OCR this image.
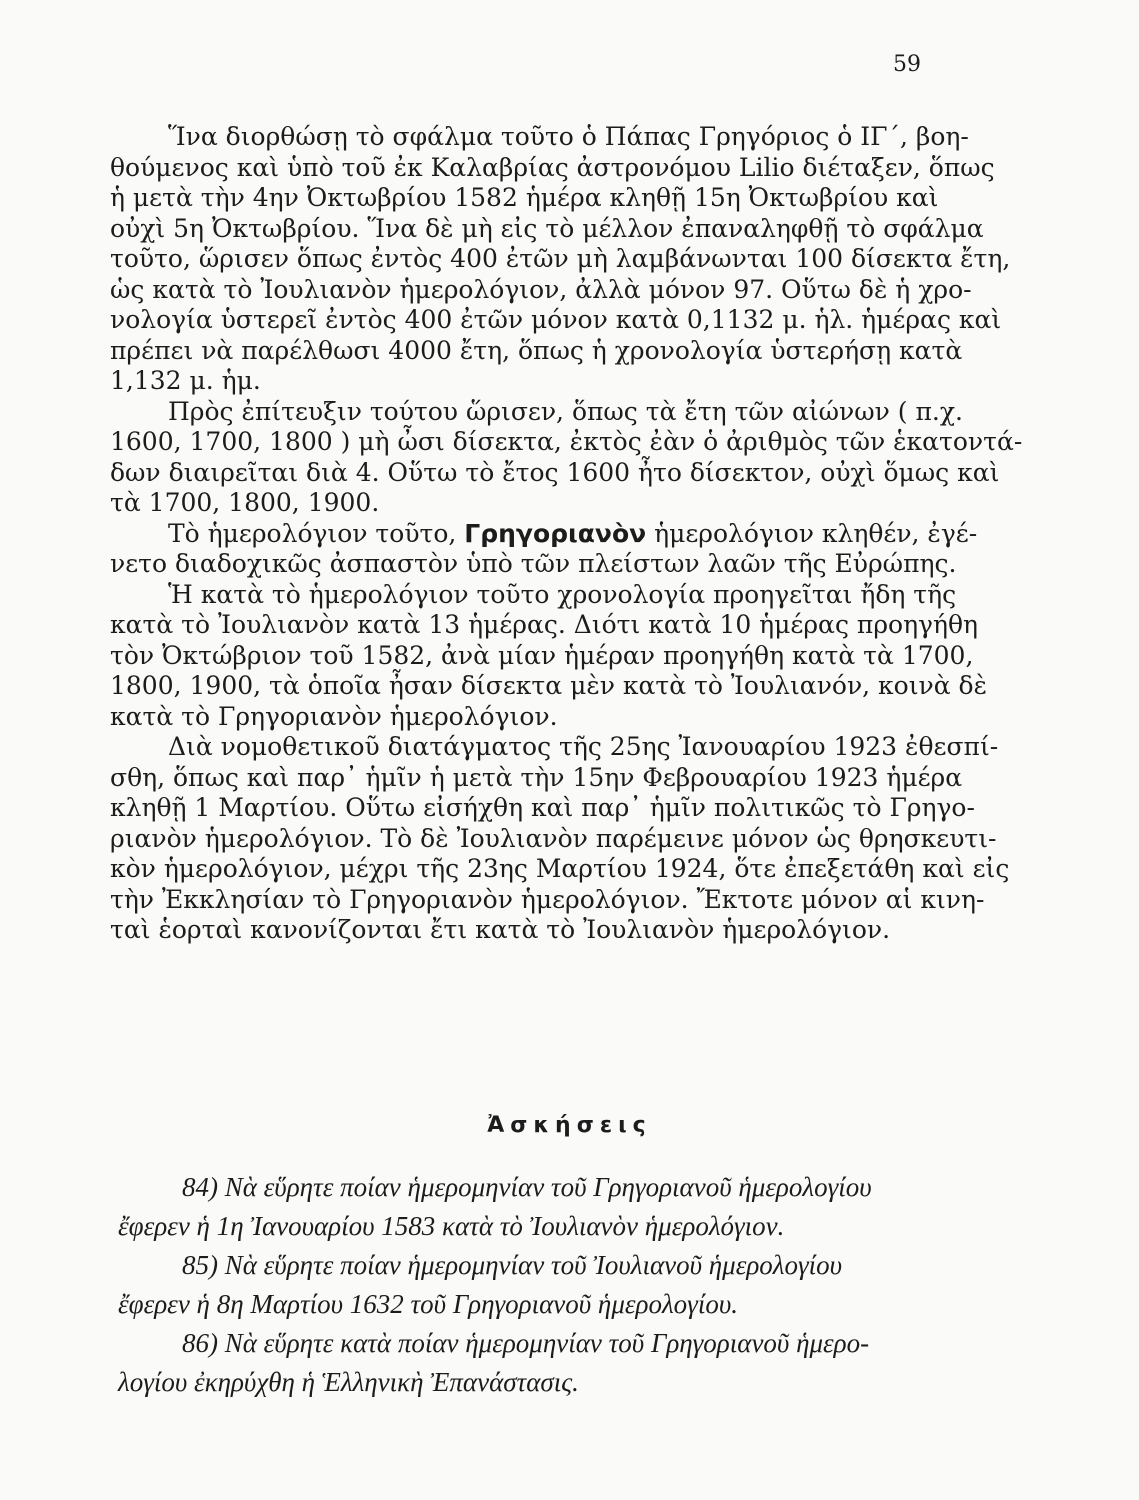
59
Ἵνα διορθώσῃ τὸ σφάλμα τοῦτο ὁ Πάπας Γρηγόριος ὁ ΙΓ΄, βοη-
θούμενος καὶ ὑπὸ τοῦ ἐκ Καλαβρίας ἀστρονόμου Lilio διέταξεν, ὅπως
ἡ μετὰ τὴν 4ην Ὀκτωβρίου 1582 ἡμέρα κληθῇ 15η Ὀκτωβρίου καὶ
οὐχὶ 5η Ὀκτωβρίου. Ἵνα δὲ μὴ εἰς τὸ μέλλον ἐπαναληφθῇ τὸ σφάλμα
τοῦτο, ὥρισεν ὅπως ἐντὸς 400 ἐτῶν μὴ λαμβάνωνται 100 δίσεκτα ἔτη,
ὡς κατὰ τὸ Ἰουλιανὸν ἡμερολόγιον, ἀλλὰ μόνον 97. Οὕτω δὲ ἡ χρο-
νολογία ὑστερεῖ ἐντὸς 400 ἐτῶν μόνον κατὰ 0,1132 μ. ἡλ. ἡμέρας καὶ
πρέπει νὰ παρέλθωσι 4000 ἔτη, ὅπως ἡ χρονολογία ὑστερήσῃ κατὰ
1,132 μ. ἡμ.
Πρὸς ἐπίτευξιν τούτου ὥρισεν, ὅπως τὰ ἔτη τῶν αἰώνων ( π.χ.
1600, 1700, 1800 ) μὴ ὦσι δίσεκτα, ἐκτὸς ἐὰν ὁ ἀριθμὸς τῶν ἑκατοντά-
δων διαιρεῖται διὰ 4. Οὕτω τὸ ἔτος 1600 ἦτο δίσεκτον, οὐχὶ ὅμως καὶ
τὰ 1700, 1800, 1900.
Τὸ ἡμερολόγιον τοῦτο, Γρηγοριανὸν ἡμερολόγιον κληθέν, ἐγέ-
νετο διαδοχικῶς ἀσπαστὸν ὑπὸ τῶν πλείστων λαῶν τῆς Εὐρώπης.
Ἡ κατὰ τὸ ἡμερολόγιον τοῦτο χρονολογία προηγεῖται ἤδη τῆς
κατὰ τὸ Ἰουλιανὸν κατὰ 13 ἡμέρας. Διότι κατὰ 10 ἡμέρας προηγήθη
τὸν Ὀκτώβριον τοῦ 1582, ἀνὰ μίαν ἡμέραν προηγήθη κατὰ τὰ 1700,
1800, 1900, τὰ ὁποῖα ἦσαν δίσεκτα μὲν κατὰ τὸ Ἰουλιανόν, κοινὰ δὲ
κατὰ τὸ Γρηγοριανὸν ἡμερολόγιον.
Διὰ νομοθετικοῦ διατάγματος τῆς 25ης Ἰανουαρίου 1923 ἐθεσπί-
σθη, ὅπως καὶ παρ᾽ ἡμῖν ἡ μετὰ τὴν 15ην Φεβρουαρίου 1923 ἡμέρα
κληθῇ 1 Μαρτίου. Οὕτω εἰσήχθη καὶ παρ᾽ ἡμῖν πολιτικῶς τὸ Γρηγο-
ριανὸν ἡμερολόγιον. Τὸ δὲ Ἰουλιανὸν παρέμεινε μόνον ὡς θρησκευτι-
κὸν ἡμερολόγιον, μέχρι τῆς 23ης Μαρτίου 1924, ὅτε ἐπεξετάθη καὶ εἰς
τὴν Ἐκκλησίαν τὸ Γρηγοριανὸν ἡμερολόγιον. Ἔκτοτε μόνον αἱ κινη-
ταὶ ἑορταὶ κανονίζονται ἔτι κατὰ τὸ Ἰουλιανὸν ἡμερολόγιον.
Ἀσκήσεις
84) Νὰ εὕρητε ποίαν ἡμερομηνίαν τοῦ Γρηγοριανοῦ ἡμερολογίου
ἔφερεν ἡ 1η Ἰανουαρίου 1583 κατὰ τὸ Ἰουλιανὸν ἡμερολόγιον.
85) Νὰ εὕρητε ποίαν ἡμερομηνίαν τοῦ Ἰουλιανοῦ ἡμερολογίου
ἔφερεν ἡ 8η Μαρτίου 1632 τοῦ Γρηγοριανοῦ ἡμερολογίου.
86) Νὰ εὕρητε κατὰ ποίαν ἡμερομηνίαν τοῦ Γρηγοριανοῦ ἡμερο-
λογίου ἐκηρύχθη ἡ Ἑλληνικὴ Ἐπανάστασις.
